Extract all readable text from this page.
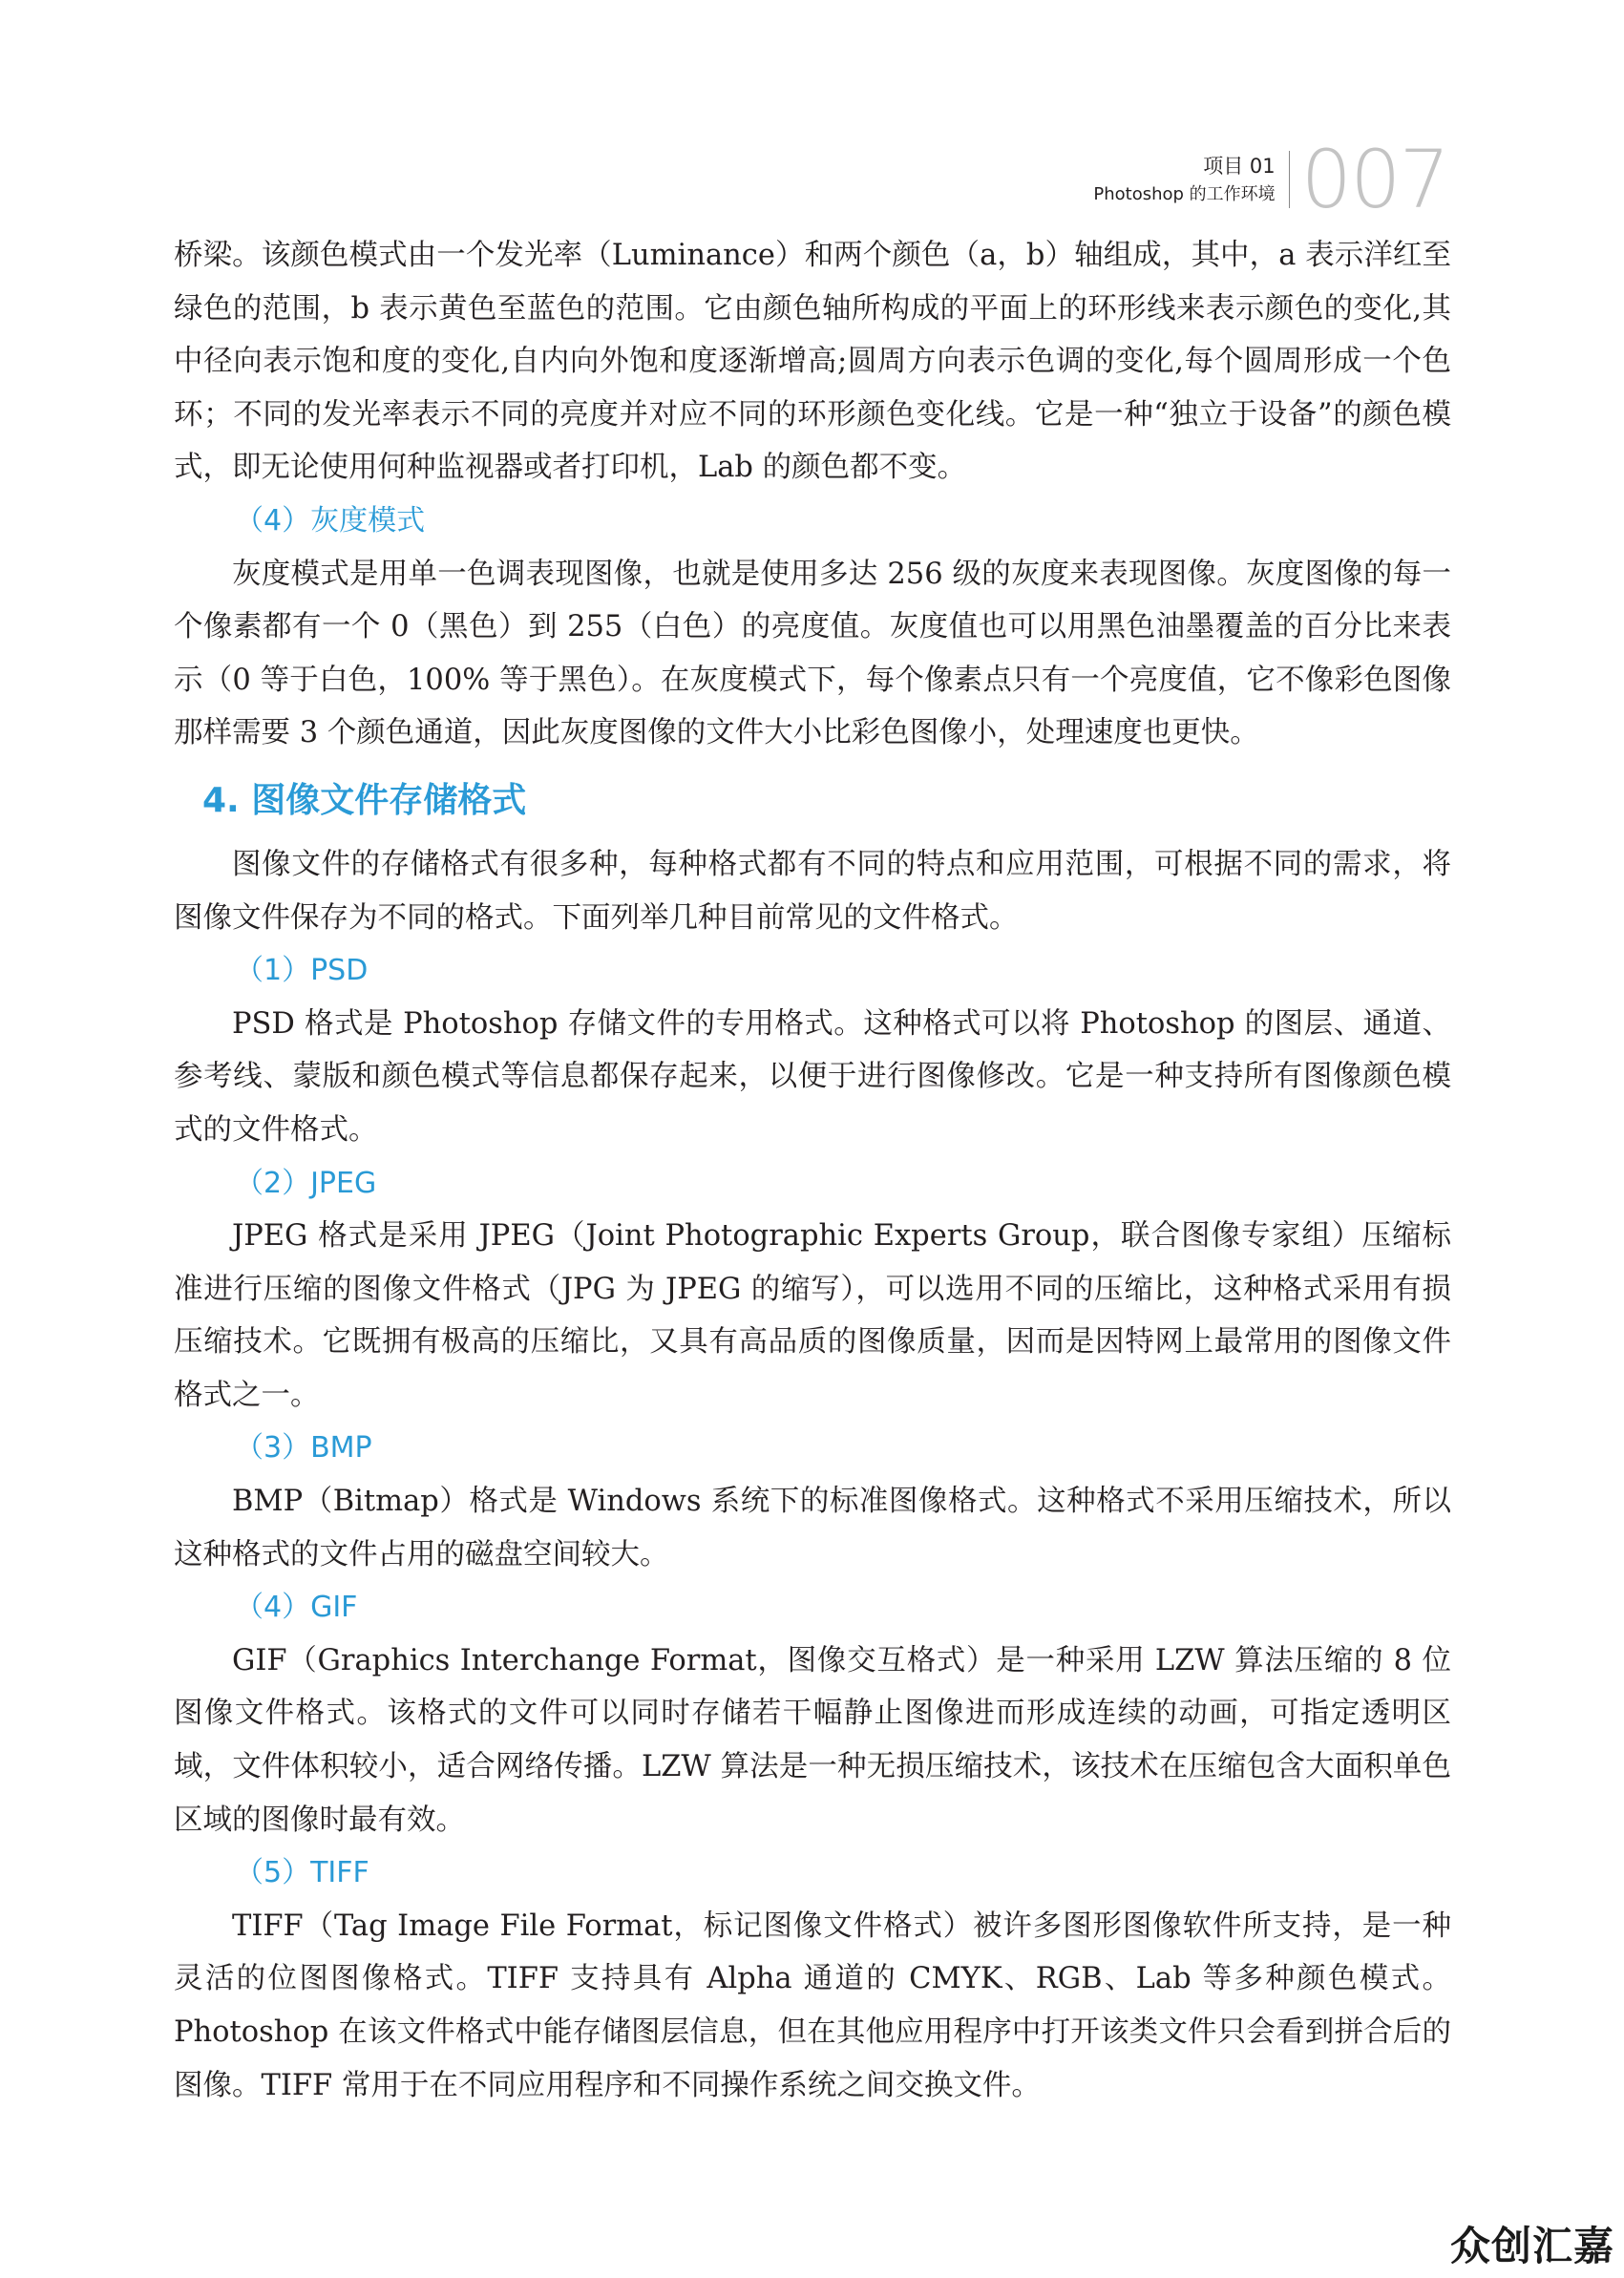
项目 01
Photoshop 的工作环境 007

桥梁。该颜色模式由一个发光率（Luminance）和两个颜色（a，b）轴组成，其中，a 表示洋红至绿色的范围，b 表示黄色至蓝色的范围。它由颜色轴所构成的平面上的环形线来表示颜色的变化,其中径向表示饱和度的变化,自内向外饱和度逐渐增高;圆周方向表示色调的变化,每个圆周形成一个色环；不同的发光率表示不同的亮度并对应不同的环形颜色变化线。它是一种“独立于设备”的颜色模式，即无论使用何种监视器或者打印机，Lab 的颜色都不变。

（4）灰度模式

灰度模式是用单一色调表现图像，也就是使用多达 256 级的灰度来表现图像。灰度图像的每一个像素都有一个 0（黑色）到 255（白色）的亮度值。灰度值也可以用黑色油墨覆盖的百分比来表示（0 等于白色，100% 等于黑色）。在灰度模式下，每个像素点只有一个亮度值，它不像彩色图像那样需要 3 个颜色通道，因此灰度图像的文件大小比彩色图像小，处理速度也更快。

4. 图像文件存储格式

图像文件的存储格式有很多种，每种格式都有不同的特点和应用范围，可根据不同的需求，将图像文件保存为不同的格式。下面列举几种目前常见的文件格式。

（1）PSD

PSD 格式是 Photoshop 存储文件的专用格式。这种格式可以将 Photoshop 的图层、通道、参考线、蒙版和颜色模式等信息都保存起来，以便于进行图像修改。它是一种支持所有图像颜色模式的文件格式。

（2）JPEG

JPEG 格式是采用 JPEG（Joint Photographic Experts Group，联合图像专家组）压缩标准进行压缩的图像文件格式（JPG 为 JPEG 的缩写），可以选用不同的压缩比，这种格式采用有损压缩技术。它既拥有极高的压缩比，又具有高品质的图像质量，因而是因特网上最常用的图像文件格式之一。

（3）BMP

BMP（Bitmap）格式是 Windows 系统下的标准图像格式。这种格式不采用压缩技术，所以这种格式的文件占用的磁盘空间较大。

（4）GIF

GIF（Graphics Interchange Format，图像交互格式）是一种采用 LZW 算法压缩的 8 位图像文件格式。该格式的文件可以同时存储若干幅静止图像进而形成连续的动画，可指定透明区域，文件体积较小，适合网络传播。LZW 算法是一种无损压缩技术，该技术在压缩包含大面积单色区域的图像时最有效。

（5）TIFF

TIFF（Tag Image File Format，标记图像文件格式）被许多图形图像软件所支持，是一种灵活的位图图像格式。TIFF 支持具有 Alpha 通道的 CMYK、RGB、Lab 等多种颜色模式。Photoshop 在该文件格式中能存储图层信息，但在其他应用程序中打开该类文件只会看到拼合后的图像。TIFF 常用于在不同应用程序和不同操作系统之间交换文件。

众创汇嘉
